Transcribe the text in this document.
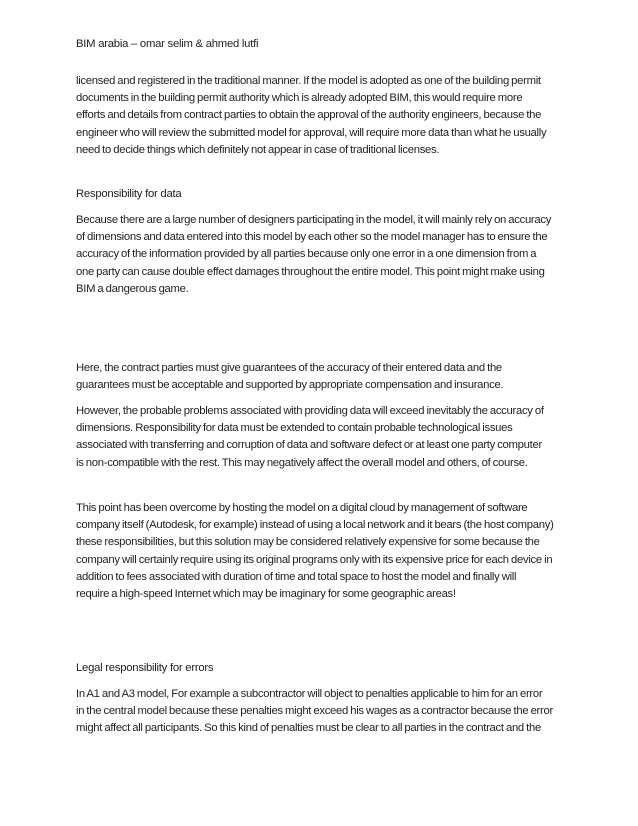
BIM arabia – omar selim & ahmed lutfi
licensed and registered in the traditional manner. If the model is adopted as one of the building permit
documents in the building permit authority which is already adopted BIM, this would require more
efforts and details from contract parties to obtain the approval of the authority engineers, because the
engineer who will review the submitted model for approval, will require more data than what he usually
need to decide things which definitely not appear in case of traditional licenses.
Responsibility for data
Because there are a large number of designers participating in the model, it will mainly rely on accuracy
of dimensions and data entered into this model by each other so the model manager has to ensure the
accuracy of the information provided by all parties because only one error in a one dimension from a
one party can cause double effect damages throughout the entire model. This point might make using
BIM a dangerous game.
Here, the contract parties must give guarantees of the accuracy of their entered data and the
guarantees must be acceptable and supported by appropriate compensation and insurance.
However, the probable problems associated with providing data will exceed inevitably the accuracy of
dimensions. Responsibility for data must be extended to contain probable technological issues
associated with transferring and corruption of data and software defect or at least one party computer
is non-compatible with the rest. This may negatively affect the overall model and others, of course.
This point has been overcome by hosting the model on a digital cloud by management of software
company itself (Autodesk, for example) instead of using a local network and it bears (the host company)
these responsibilities, but this solution may be considered relatively expensive for some because the
company will certainly require using its original programs only with its expensive price for each device in
addition to fees associated with duration of time and total space to host the model and finally will
require a high-speed Internet which may be imaginary for some geographic areas!
Legal responsibility for errors
In A1 and A3 model, For example a subcontractor will object to penalties applicable to him for an error
in the central model because these penalties might exceed his wages as a contractor because the error
might affect all participants. So this kind of penalties must be clear to all parties in the contract and the
